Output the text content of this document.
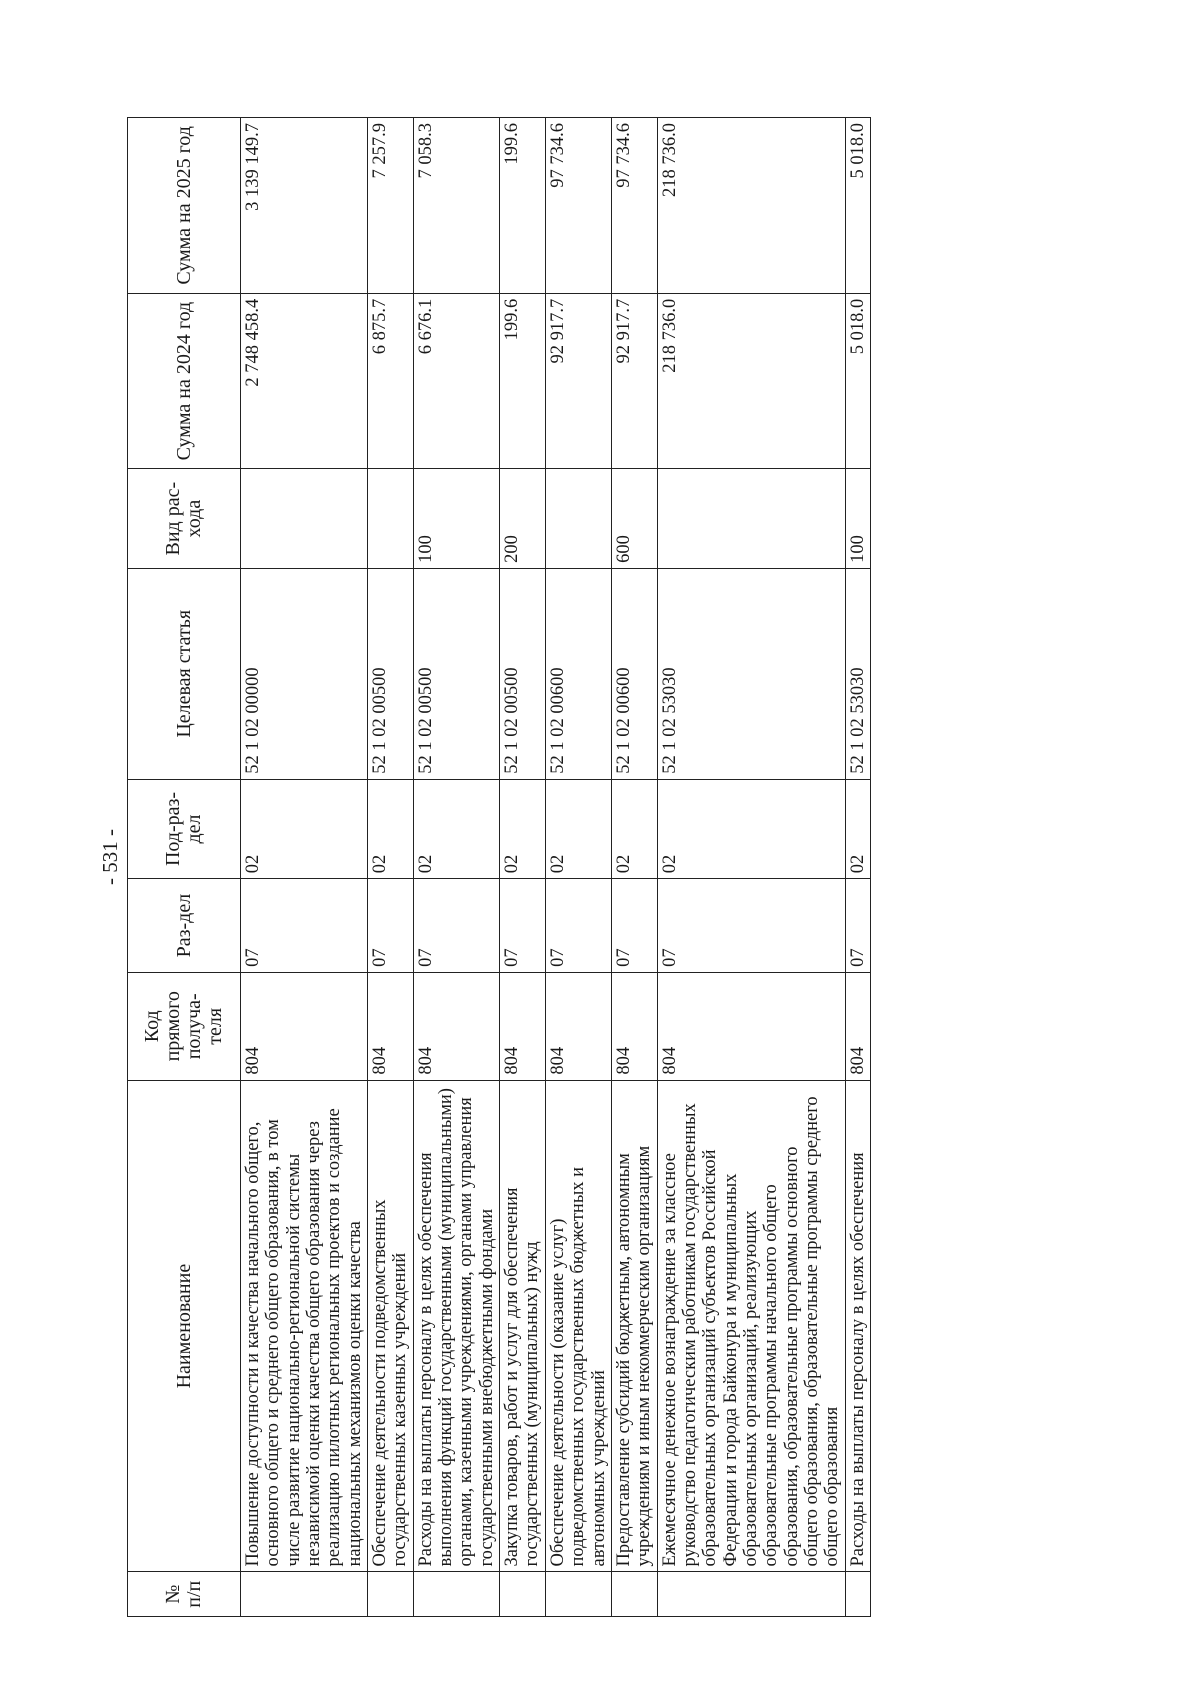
- 531 -
№ п/п	Наименование	Код прямого получа-теля	Раз-дел	Под-раз-дел	Целевая статья	Вид рас-хода	Сумма на 2024 год	Сумма на 2025 год
	Повышение доступности и качества начального общего, основного общего и среднего общего образования, в том числе развитие национально-региональной системы независимой оценки качества общего образования через реализацию пилотных региональных проектов и создание национальных механизмов оценки качества	804	07	02	52 1 02 00000		2 748 458.4	3 139 149.7
	Обеспечение деятельности подведомственных государственных казенных учреждений	804	07	02	52 1 02 00500		6 875.7	7 257.9
	Расходы на выплаты персоналу в целях обеспечения выполнения функций государственными (муниципальными) органами, казенными учреждениями, органами управления государственными внебюджетными фондами	804	07	02	52 1 02 00500	100	6 676.1	7 058.3
	Закупка товаров, работ и услуг для обеспечения государственных (муниципальных) нужд	804	07	02	52 1 02 00500	200	199.6	199.6
	Обеспечение деятельности (оказание услуг) подведомственных государственных бюджетных и автономных учреждений	804	07	02	52 1 02 00600		92 917.7	97 734.6
	Предоставление субсидий бюджетным, автономным учреждениям и иным некоммерческим организациям	804	07	02	52 1 02 00600	600	92 917.7	97 734.6
	Ежемесячное денежное вознаграждение за классное руководство педагогическим работникам государственных образовательных организаций субъектов Российской Федерации и города Байконура и муниципальных образовательных организаций, реализующих образовательные программы начального общего образования, образовательные программы основного общего образования, образовательные программы среднего общего образования	804	07	02	52 1 02 53030		218 736.0	218 736.0
	Расходы на выплаты персоналу в целях обеспечения	804	07	02	52 1 02 53030	100	5 018.0	5 018.0
